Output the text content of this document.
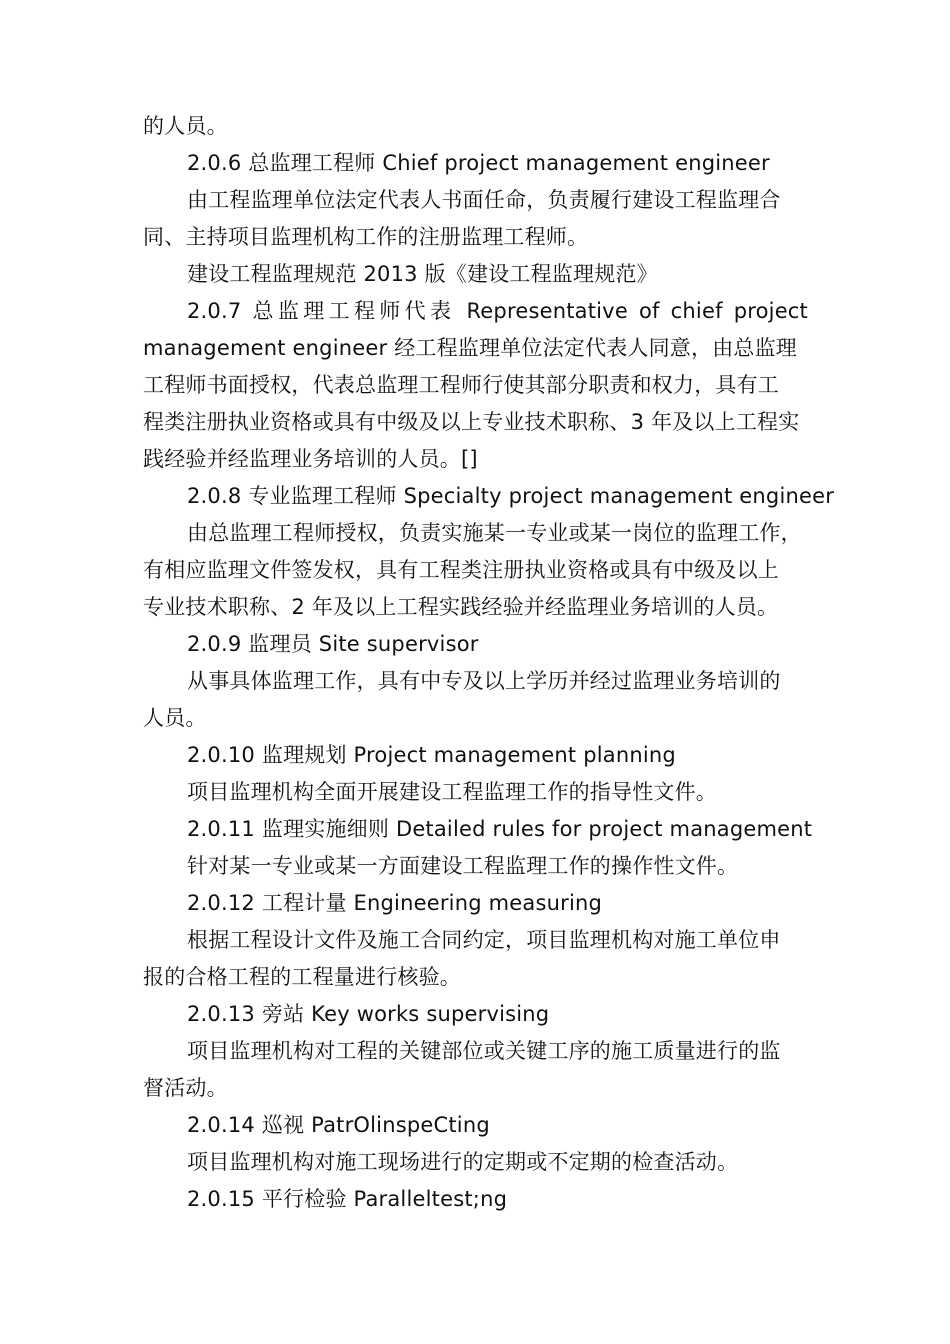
的人员。
2.0.6 总监理工程师 Chief project management engineer
由工程监理单位法定代表人书面任命，负责履行建设工程监理合
同、主持项目监理机构工作的注册监理工程师。
建设工程监理规范 2013 版《建设工程监理规范》
2.0.7 总监理工程师代表 Representative of chief project
management engineer 经工程监理单位法定代表人同意，由总监理
工程师书面授权，代表总监理工程师行使其部分职责和权力，具有工
程类注册执业资格或具有中级及以上专业技术职称、3 年及以上工程实
践经验并经监理业务培训的人员。[]
2.0.8 专业监理工程师 Specialty project management engineer
由总监理工程师授权，负责实施某一专业或某一岗位的监理工作，
有相应监理文件签发权，具有工程类注册执业资格或具有中级及以上
专业技术职称、2 年及以上工程实践经验并经监理业务培训的人员。
2.0.9 监理员 Site supervisor
从事具体监理工作，具有中专及以上学历并经过监理业务培训的
人员。
2.0.10 监理规划 Project management planning
项目监理机构全面开展建设工程监理工作的指导性文件。
2.0.11 监理实施细则 Detailed rules for project management
针对某一专业或某一方面建设工程监理工作的操作性文件。
2.0.12 工程计量 Engineering measuring
根据工程设计文件及施工合同约定，项目监理机构对施工单位申
报的合格工程的工程量进行核验。
2.0.13 旁站 Key works supervising
项目监理机构对工程的关键部位或关键工序的施工质量进行的监
督活动。
2.0.14 巡视 PatrOlinspeCting
项目监理机构对施工现场进行的定期或不定期的检查活动。
2.0.15 平行检验 Paralleltest;ng
